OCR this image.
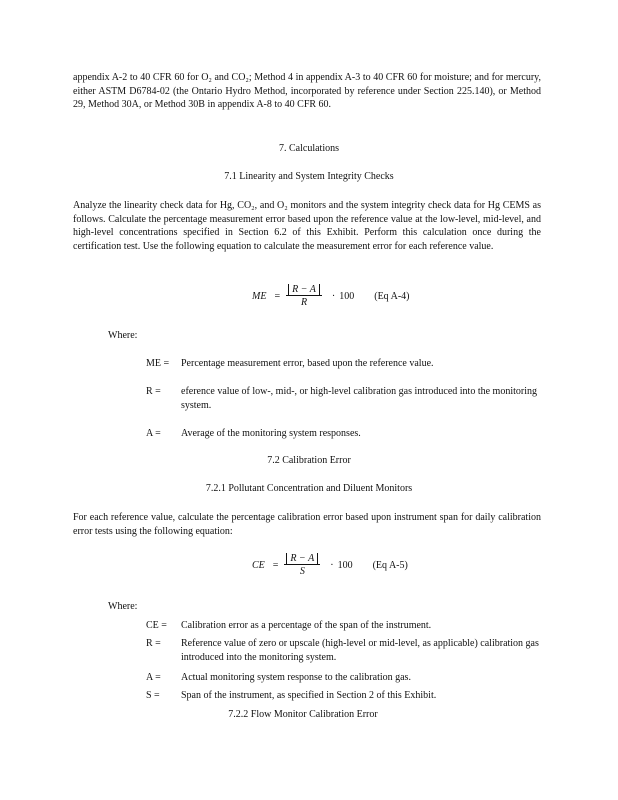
appendix A-2 to 40 CFR 60 for O₂ and CO₂; Method 4 in appendix A-3 to 40 CFR 60 for moisture; and for mercury, either ASTM D6784-02 (the Ontario Hydro Method, incorporated by reference under Section 225.140), or Method 29, Method 30A, or Method 30B in appendix A-8 to 40 CFR 60.

7. Calculations

7.1 Linearity and System Integrity Checks

Analyze the linearity check data for Hg, CO₂, and O₂ monitors and the system integrity check data for Hg CEMS as follows. Calculate the percentage measurement error based upon the reference value at the low-level, mid-level, and high-level concentrations specified in Section 6.2 of this Exhibit. Perform this calculation once during the certification test. Use the following equation to calculate the measurement error for each reference value.

ME = $\frac{R - A}{R} \cdot 100$ (Eq A-4)

Where:

ME =	Percentage measurement error, based upon the reference value.
R =	eference value of low-, mid-, or high-level calibration gas introduced into the monitoring system.
A =	Average of the monitoring system responses.

7.2 Calibration Error

7.2.1 Pollutant Concentration and Diluent Monitors

For each reference value, calculate the percentage calibration error based upon instrument span for daily calibration error tests using the following equation:

CE = $\frac{R - A}{S} \cdot 100$ (Eq A-5)

Where:

CE =	Calibration error as a percentage of the span of the instrument.
R =	Reference value of zero or upscale (high-level or mid-level, as applicable) calibration gas introduced into the monitoring system.
A =	Actual monitoring system response to the calibration gas.
S =	Span of the instrument, as specified in Section 2 of this Exhibit.

7.2.2 Flow Monitor Calibration Error
